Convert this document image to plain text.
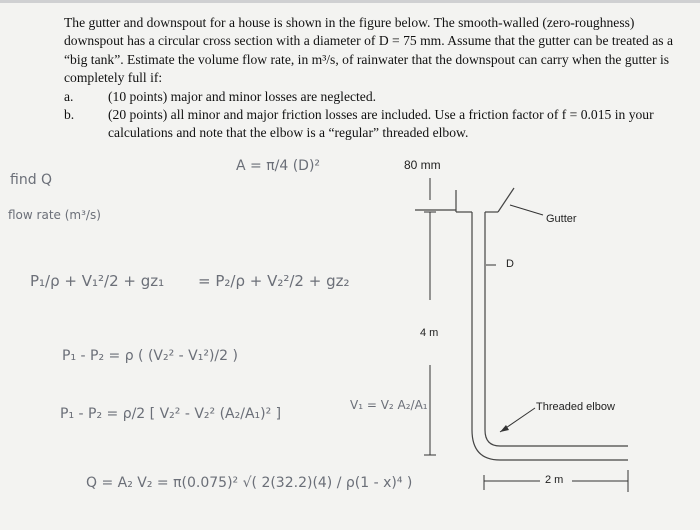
The gutter and downspout for a house is shown in the figure below. The smooth-walled (zero-roughness) downspout has a circular cross section with a diameter of D = 75 mm. Assume that the gutter can be treated as a “big tank”. Estimate the volume flow rate, in m³/s, of rainwater that the downspout can carry when the gutter is completely full if:

a.	(10 points) major and minor losses are neglected.
b.	(20 points) all minor and major friction losses are included. Use a friction factor of f = 0.015 in your calculations and note that the elbow is a “regular” threaded elbow.
80 mm
Gutter
D
4 m
Threaded elbow
2 m
find Q
A = π/4 (D)²
flow rate (m³/s)
P₁/ρ + V₁²/2 + gz₁ = P₂/ρ + V₂²/2 + gz₂
P₁ - P₂ = ρ ( (V₂² - V₁²)/2 )
P₁ - P₂ = ρ/2 [ V₂² - V₂² (A₂/A₁)² ]
V₁ = V₂ A₂/A₁
Q = A₂ V₂ = π(0.075)² √( 2(32.2)(4) / ρ(1 - x)⁴ )
